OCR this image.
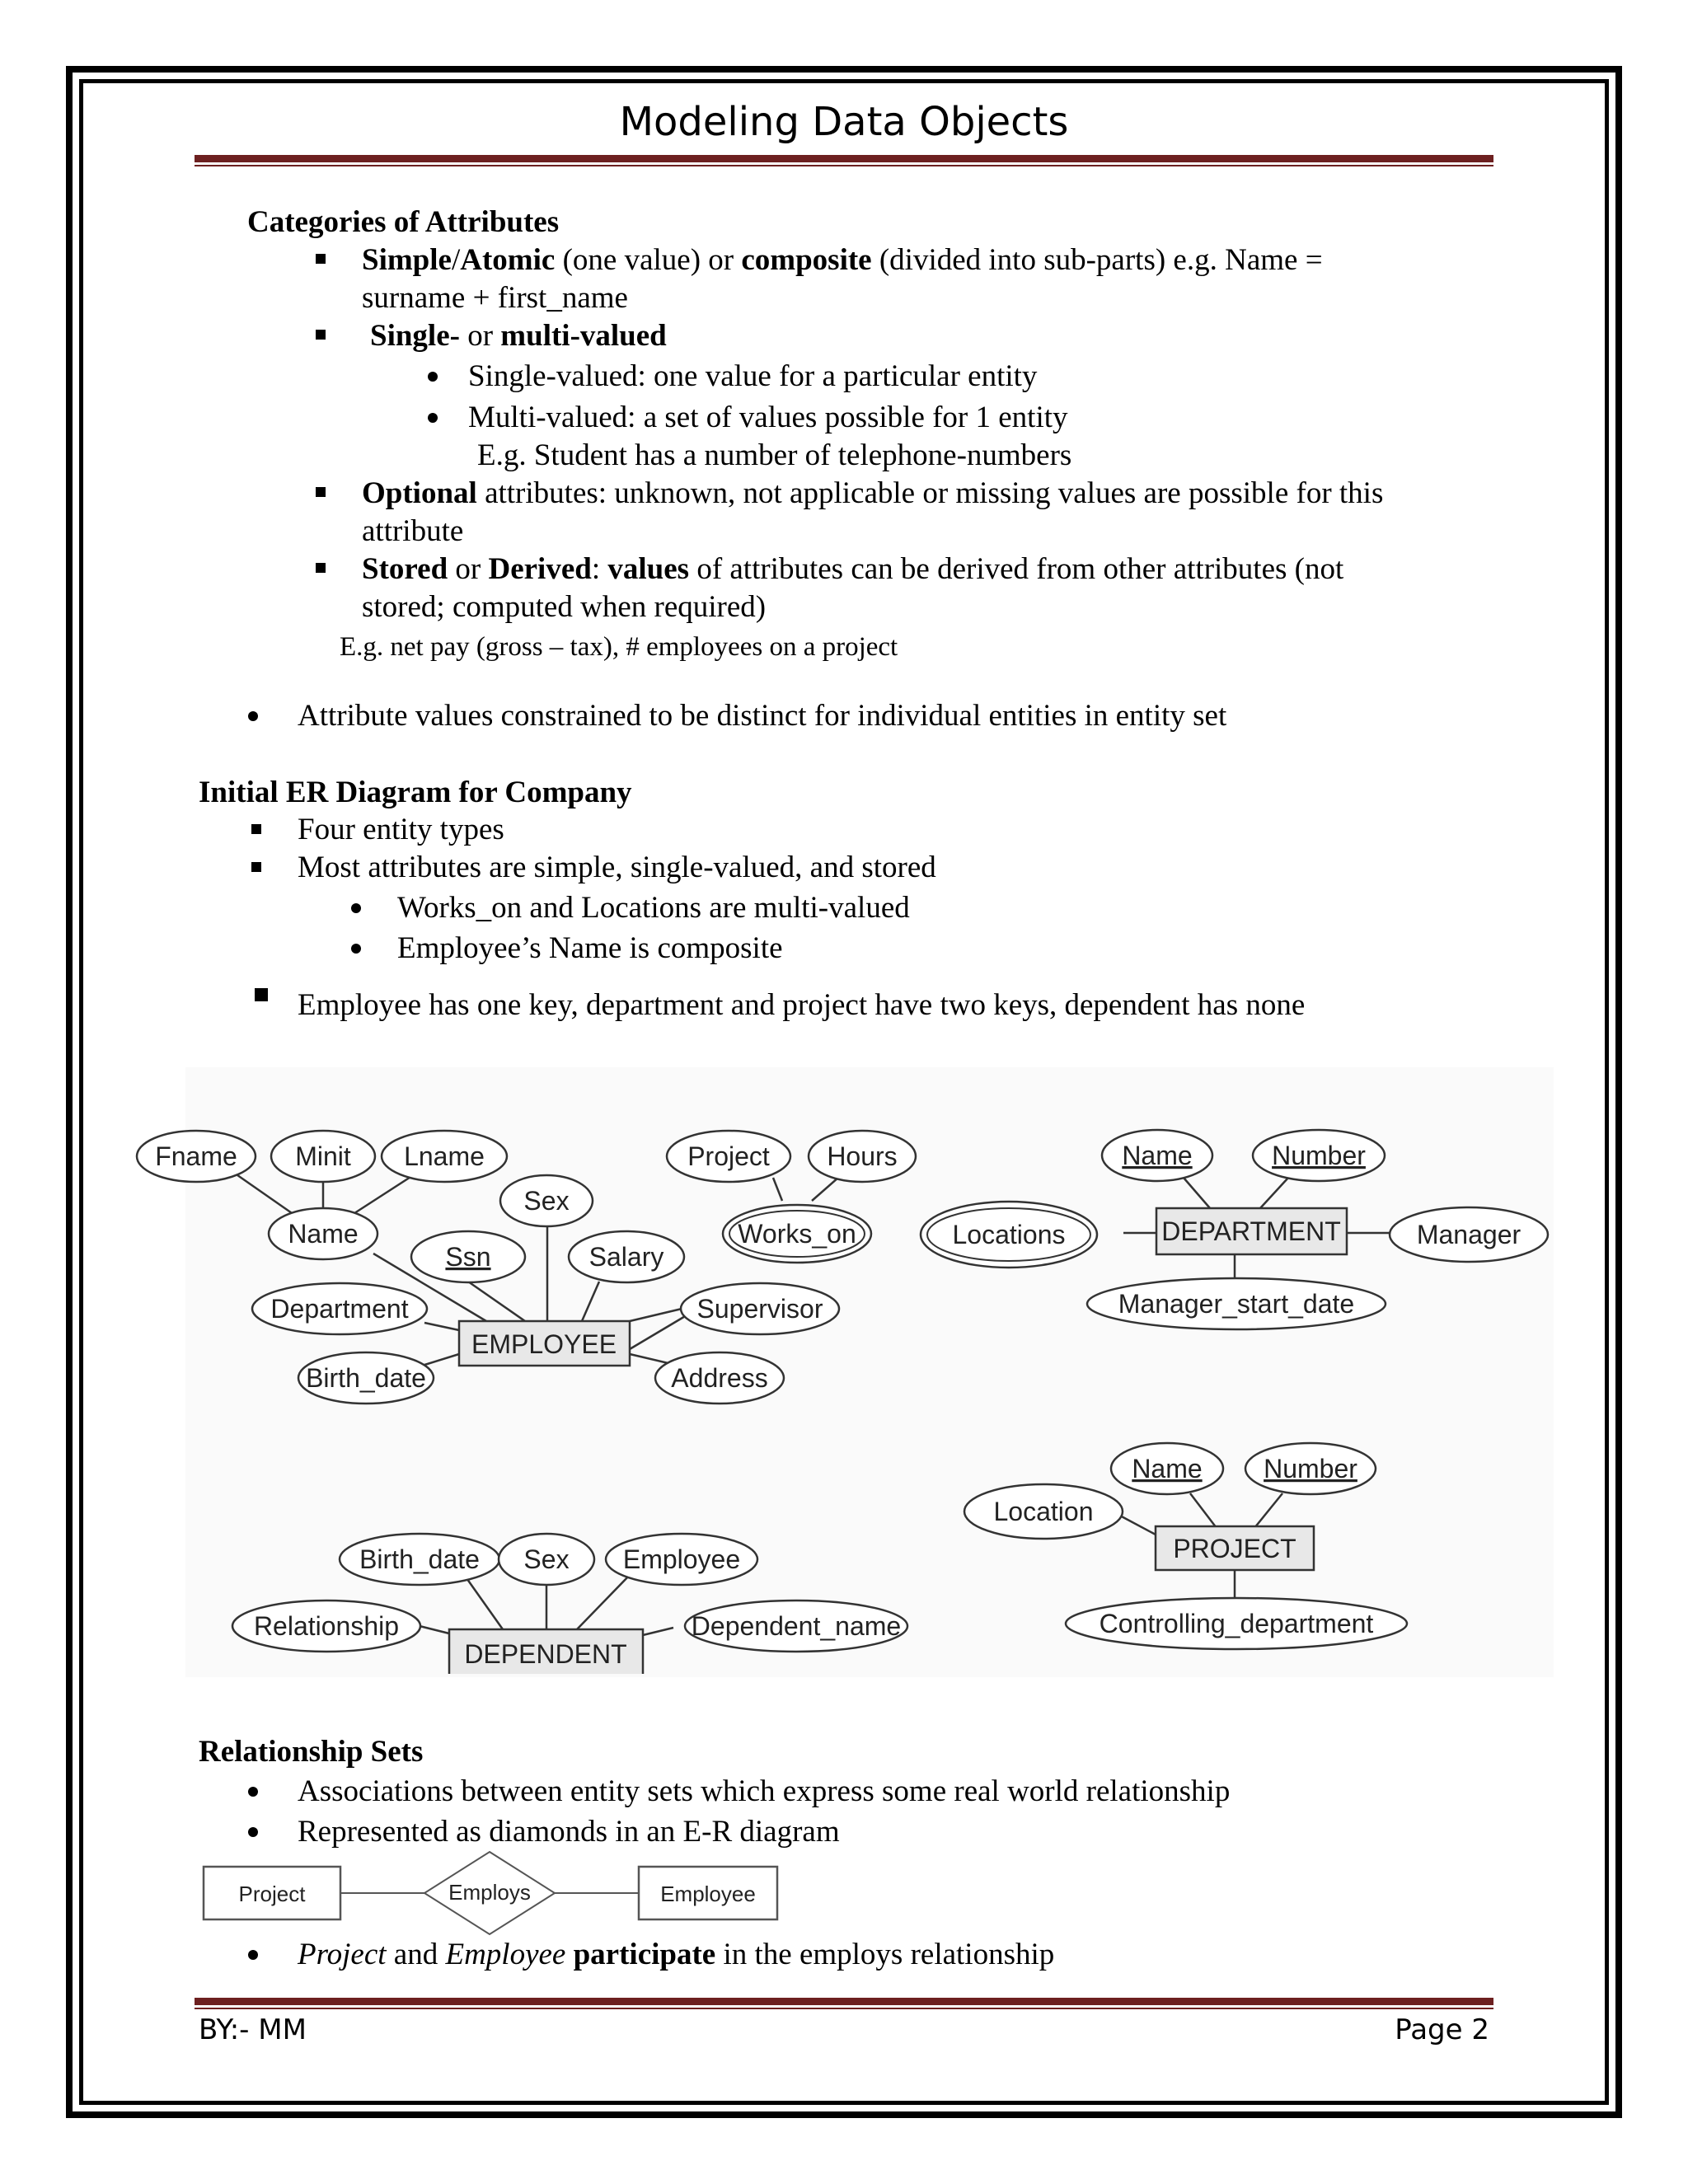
Modeling Data Objects
Categories of Attributes
Simple/Atomic (one value) or composite (divided into sub-parts) e.g. Name =
surname + first_name
Single- or multi-valued
Single-valued: one value for a particular entity
Multi-valued: a set of values possible for 1 entity
E.g. Student has a number of telephone-numbers
Optional attributes: unknown, not applicable or missing values are possible for this
attribute
Stored or Derived: values of attributes can be derived from other attributes (not
stored; computed when required)
E.g. net pay (gross – tax), # employees on a project
Attribute values constrained to be distinct for individual entities in entity set
Initial ER Diagram for Company
Four entity types
Most attributes are simple, single-valued, and stored
Works_on and Locations are multi-valued
Employee’s Name is composite
Employee has one key, department and project have two keys, dependent has none
Fname Minit Lname
Name
Sex
Ssn	Salary
Department
Birth_date
Supervisor
Address
Project Hours
Works_on
EMPLOYEE
Name	Number
Locations	Manager
Manager_start_date
DEPARTMENT
Name Number
Location
Controlling_department
PROJECT
Birth_date Sex Employee
Relationship	Dependent_name
DEPENDENT
Relationship Sets
Associations between entity sets which express some real world relationship
Represented as diamonds in an E-R diagram
Project	Employs	Employee
Project and Employee participate in the employs relationship
BY:- MM	Page 2
